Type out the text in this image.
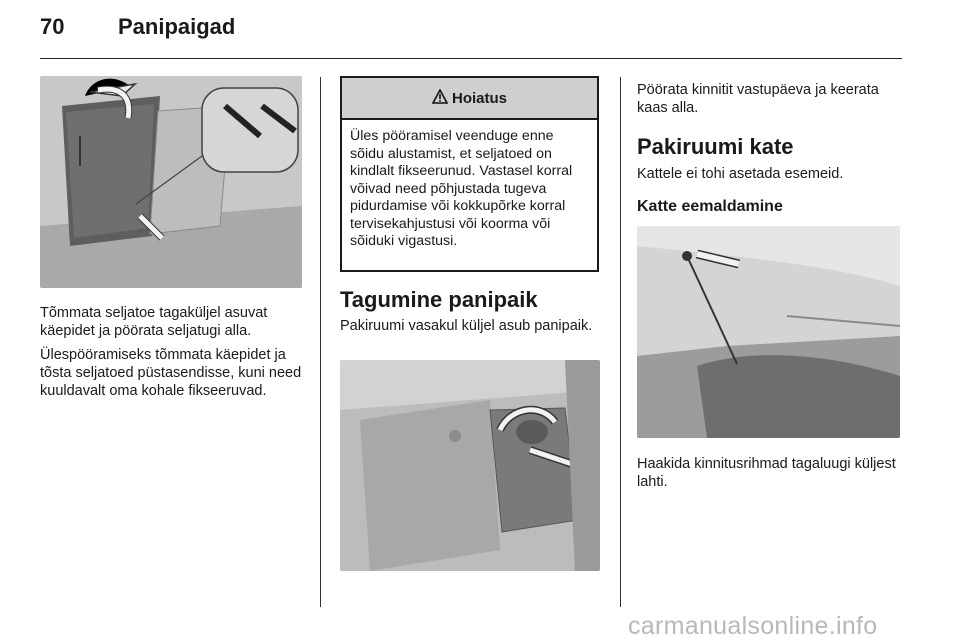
70 Panipaigad

Tõmmata seljatoe tagaküljel asuvat käepidet ja pöörata seljatugi alla.

Ülespööramiseks tõmmata käepidet ja tõsta seljatoed püstasendisse, kuni need kuuldavalt oma kohale fikseeruvad.

Hoiatus
Üles pööramisel veenduge enne sõidu alustamist, et seljatoed on kindlalt fikseerunud. Vastasel korral võivad need põhjustada tugeva pidurdamise või kokkupõrke korral tervisekahjustusi või koorma või sõiduki vigastusi.
Tagumine panipaik
Pakiruumi vasakul küljel asub panipaik.
Pöörata kinnitit vastupäeva ja keerata kaas alla.
Pakiruumi kate
Kattele ei tohi asetada esemeid.
Katte eemaldamine
Haakida kinnitusrihmad tagaluugi küljest lahti.
carmanualsonline.info
